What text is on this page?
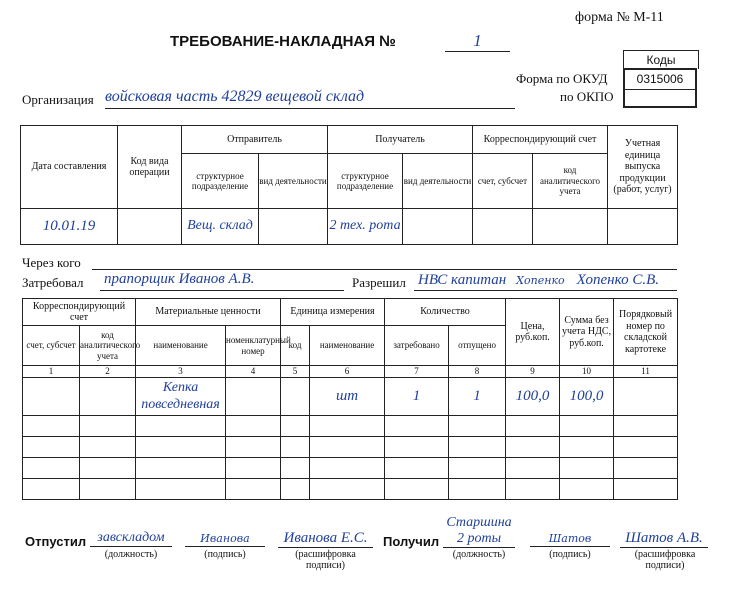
форма № М-11
ТРЕБОВАНИЕ-НАКЛАДНАЯ №	1
Коды
0315006
Форма по ОКУД
по ОКПО
Организация войсковая часть 42829 вещевой склад
Дата составления	Код вида операции	Отправитель		Получатель		Корреспондирующий счет		Учетная единица выпуска продукции (работ, услуг)
		структурное подразделение	вид деятельности	структурное подразделение	вид деятельности	счет, субсчет	код аналитического учета	
10.01.19		Вещ. склад		2 тех. рота				
Через кого
Затребовал прапорщик Иванов А.В.	Разрешил НВС капитан Хопенко Хопенко С.В.
Корреспондирующий счет		Материальные ценности		Единица измерения		Количество		Цена, руб.коп.	Сумма без учета НДС, руб.коп.	Порядковый номер по складской картотеке
счет, субсчет	код аналитического учета	наименование	номенклатурный номер	код	наименование	затребовано	отпущено			
1	2	3	4	5	6	7	8	9	10	11
		Кепка повседневная			шт	1	1	100,0	100,0	

Отпустил завскладом
(должность)
Иванова
(подпись)
Иванова Е.С.
(расшифровка подписи)
Получил
Старшина 2 роты
(должность)
Шатов
(подпись)
Шатов А.В.
(расшифровка подписи)
